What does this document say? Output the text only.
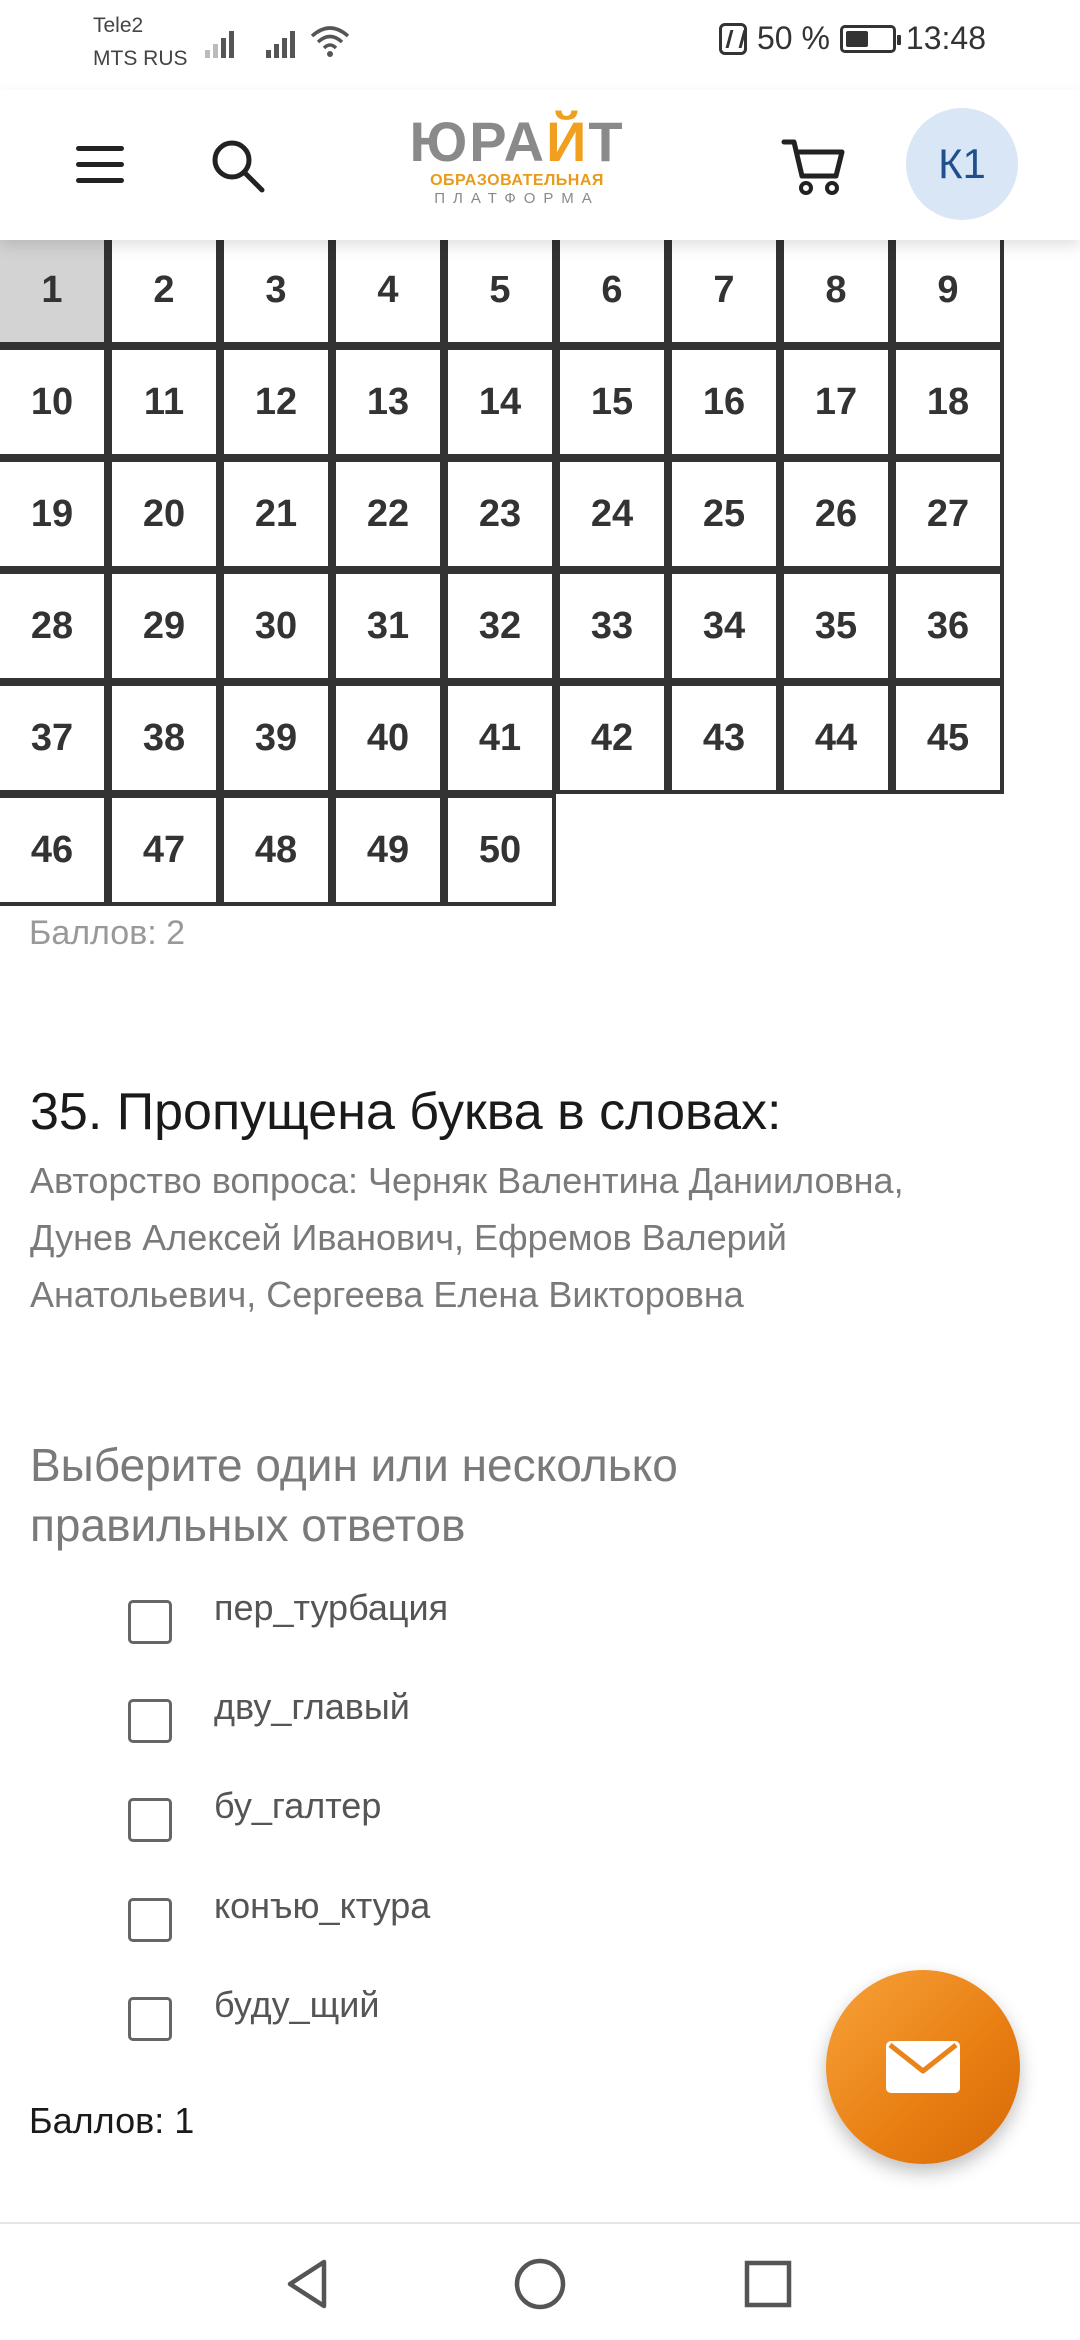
Tele2
MTS RUS
50 % 13:48
ЮРАЙТ
ОБРАЗОВАТЕЛЬНАЯ
ПЛАТФОРМА
К1
1	2	3	4	5	6	7	8	9
10	11	12	13	14	15	16	17	18
19	20	21	22	23	24	25	26	27
28	29	30	31	32	33	34	35	36
37	38	39	40	41	42	43	44	45
46	47	48	49	50
Баллов: 2
35. Пропущена буква в словах:
Авторство вопроса: Черняк Валентина Данииловна, Дунев Алексей Иванович, Ефремов Валерий Анатольевич, Сергеева Елена Викторовна
Выберите один или несколько правильных ответов
пер_турбация
дву_главый
бу_галтер
конъю_ктура
буду_щий
Баллов: 1
